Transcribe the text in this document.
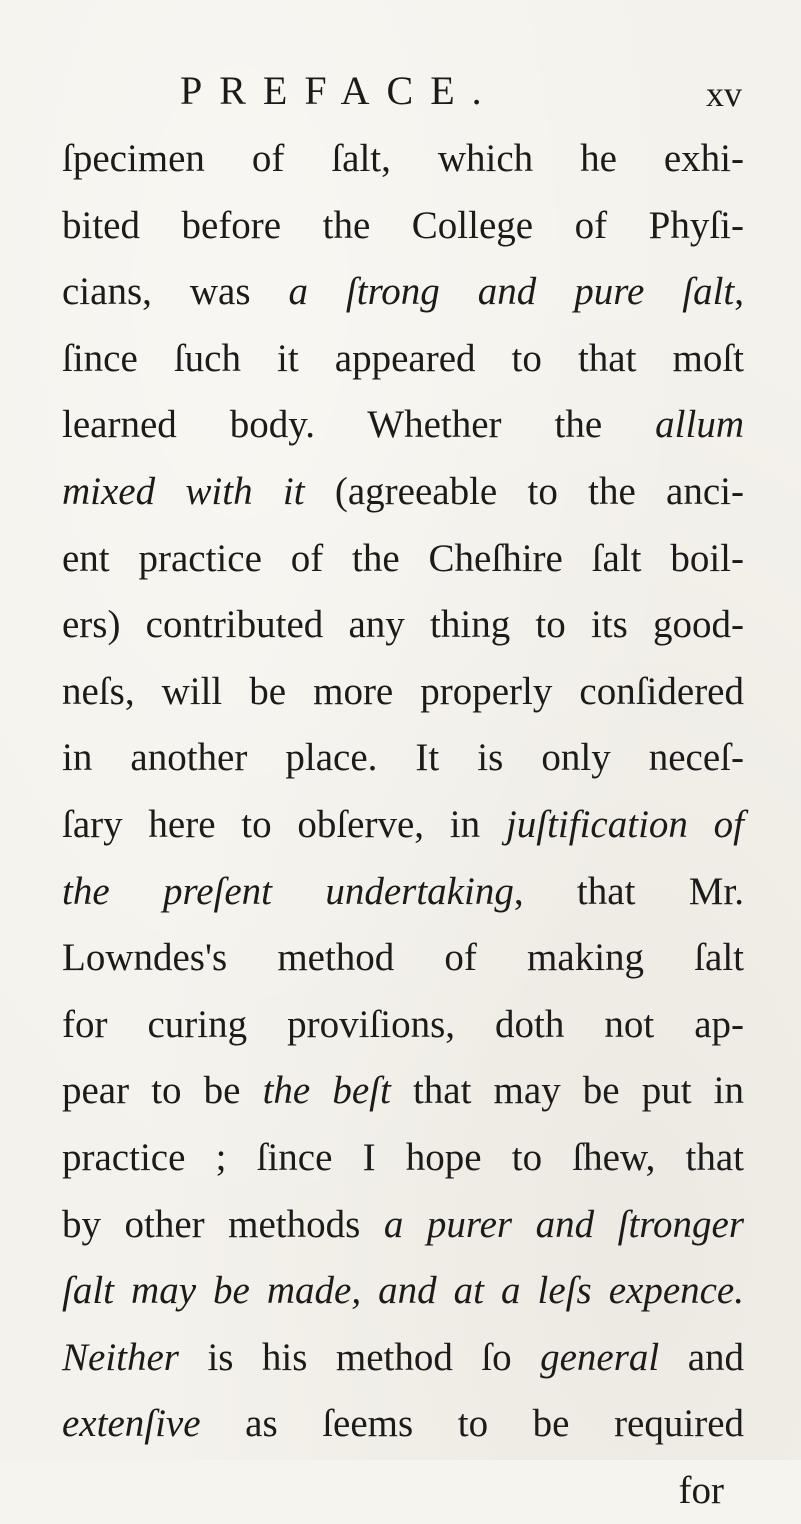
PREFACE.	xv
ſpecimen of ſalt, which he exhi-
bited before the College of Phyſi-
cians, was a ſtrong and pure ſalt,
ſince ſuch it appeared to that moſt
learned body. Whether the allum
mixed with it (agreeable to the anci-
ent practice of the Cheſhire ſalt boil-
ers) contributed any thing to its good-
neſs, will be more properly conſidered
in another place. It is only neceſ-
ſary here to obſerve, in juſtification of
the preſent undertaking, that Mr.
Lowndes's method of making ſalt
for curing proviſions, doth not ap-
pear to be the beſt that may be put in
practice ; ſince I hope to ſhew, that
by other methods a purer and ſtronger
ſalt may be made, and at a leſs expence.
Neither is his method ſo general and
extenſive as ſeems to be required
for
